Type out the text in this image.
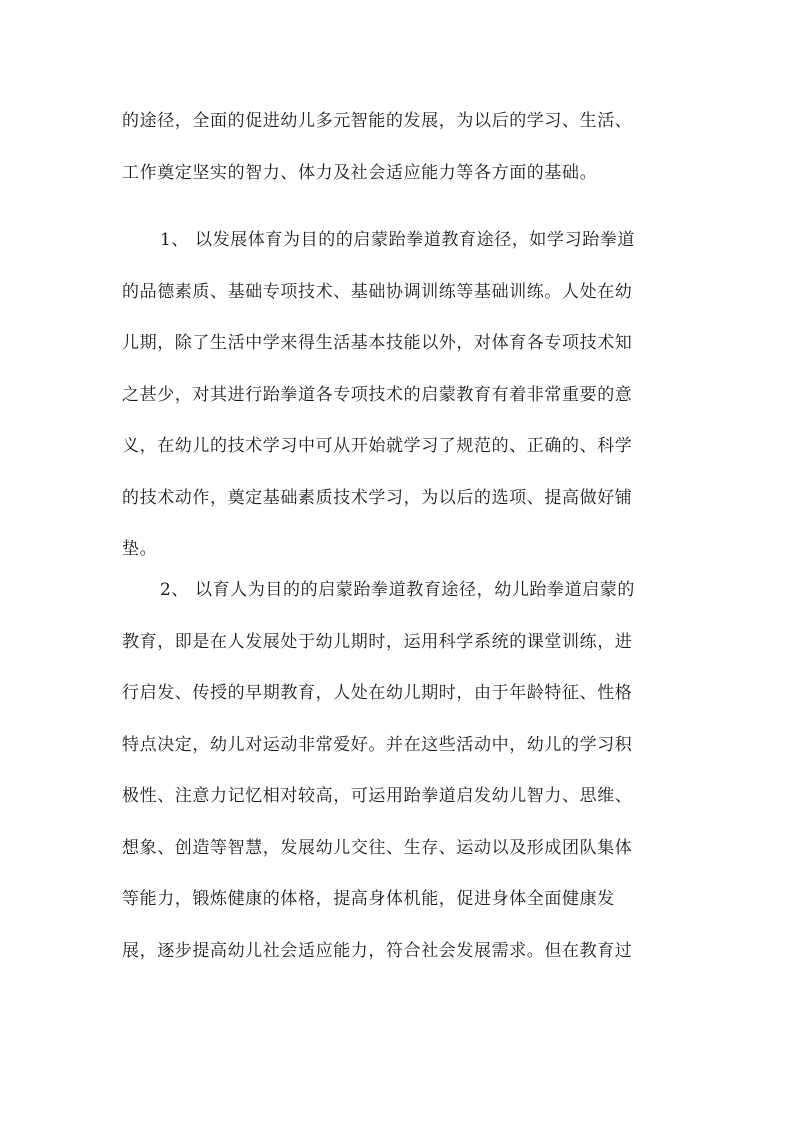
的途径，全面的促进幼儿多元智能的发展，为以后的学习、生活、
工作奠定坚实的智力、体力及社会适应能力等各方面的基础。
1、 以发展体育为目的的启蒙跆拳道教育途径，如学习跆拳道
的品德素质、基础专项技术、基础协调训练等基础训练。人处在幼
儿期，除了生活中学来得生活基本技能以外，对体育各专项技术知
之甚少，对其进行跆拳道各专项技术的启蒙教育有着非常重要的意
义，在幼儿的技术学习中可从开始就学习了规范的、正确的、科学
的技术动作，奠定基础素质技术学习，为以后的选项、提高做好铺
垫。
2、 以育人为目的的启蒙跆拳道教育途径，幼儿跆拳道启蒙的
教育，即是在人发展处于幼儿期时，运用科学系统的课堂训练，进
行启发、传授的早期教育，人处在幼儿期时，由于年龄特征、性格
特点决定，幼儿对运动非常爱好。并在这些活动中，幼儿的学习积
极性、注意力记忆相对较高，可运用跆拳道启发幼儿智力、思维、
想象、创造等智慧，发展幼儿交往、生存、运动以及形成团队集体
等能力，锻炼健康的体格，提高身体机能，促进身体全面健康发
展，逐步提高幼儿社会适应能力，符合社会发展需求。但在教育过
